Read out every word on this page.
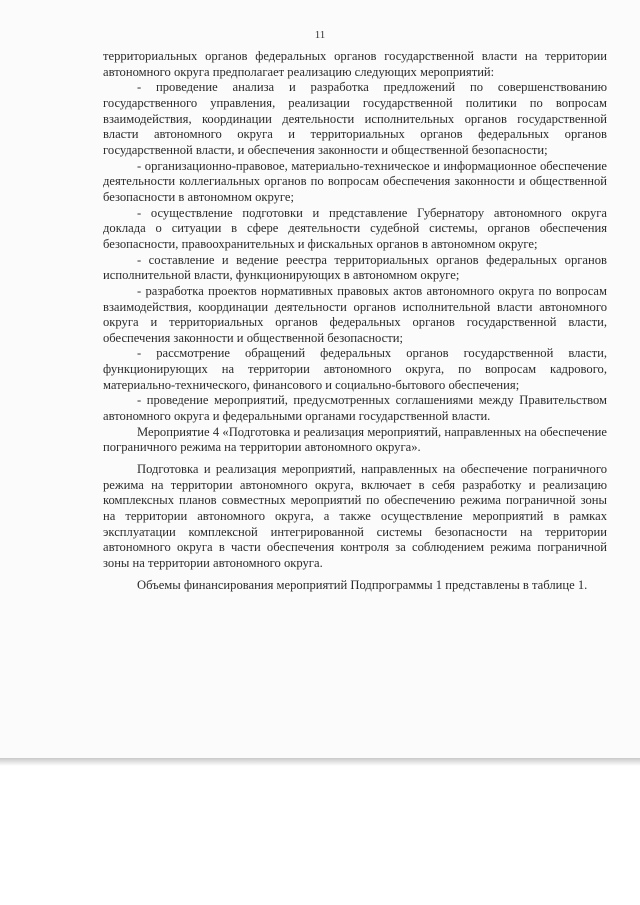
11

территориальных органов федеральных органов государственной власти на территории автономного округа предполагает реализацию следующих мероприятий:

- проведение анализа и разработка предложений по совершенствованию государственного управления, реализации государственной политики по вопросам взаимодействия, координации деятельности исполнительных органов государственной власти автономного округа и территориальных органов федеральных органов государственной власти, и обеспечения законности и общественной безопасности;

- организационно-правовое, материально-техническое и информационное обеспечение деятельности коллегиальных органов по вопросам обеспечения законности и общественной безопасности в автономном округе;

- осуществление подготовки и представление Губернатору автономного округа доклада о ситуации в сфере деятельности судебной системы, органов обеспечения безопасности, правоохранительных и фискальных органов в автономном округе;

- составление и ведение реестра территориальных органов федеральных органов исполнительной власти, функционирующих в автономном округе;

- разработка проектов нормативных правовых актов автономного округа по вопросам взаимодействия, координации деятельности органов исполнительной власти автономного округа и территориальных органов федеральных органов государственной власти, обеспечения законности и общественной безопасности;

- рассмотрение обращений федеральных органов государственной власти, функционирующих на территории автономного округа, по вопросам кадрового, материально-технического, финансового и социально-бытового обеспечения;

- проведение мероприятий, предусмотренных соглашениями между Правительством автономного округа и федеральными органами государственной власти.

Мероприятие 4 «Подготовка и реализация мероприятий, направленных на обеспечение пограничного режима на территории автономного округа».

Подготовка и реализация мероприятий, направленных на обеспечение пограничного режима на территории автономного округа, включает в себя разработку и реализацию комплексных планов совместных мероприятий по обеспечению режима пограничной зоны на территории автономного округа, а также осуществление мероприятий в рамках эксплуатации комплексной интегрированной системы безопасности на территории автономного округа в части обеспечения контроля за соблюдением режима пограничной зоны на территории автономного округа.

Объемы финансирования мероприятий Подпрограммы 1 представлены в таблице 1.
